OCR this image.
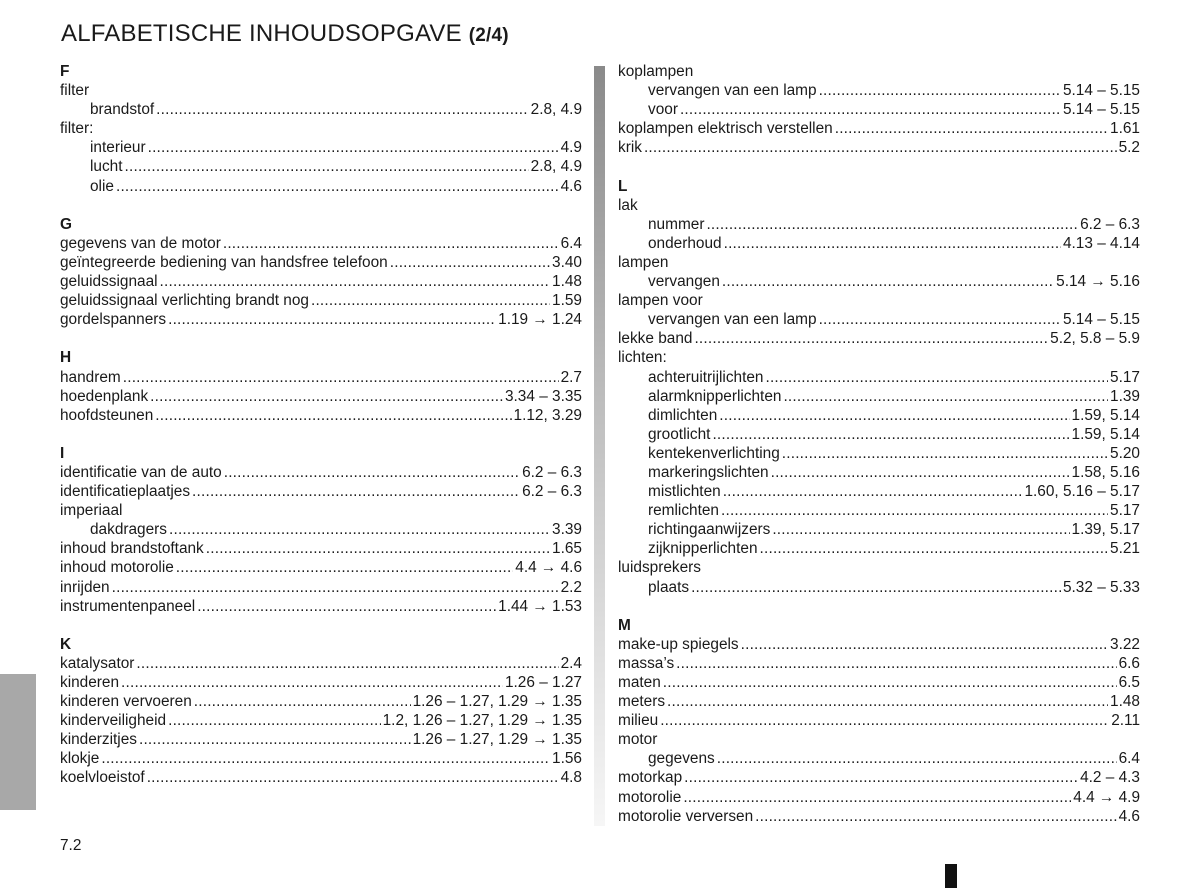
ALFABETISCHE INHOUDSOPGAVE (2/4)
F
filter
brandstof .....	2.8, 4.9
filter:
interieur .....	4.9
lucht .....	2.8, 4.9
olie .....	4.6
G
gegevens van de motor .....	6.4
geïntegreerde bediening van handsfree telefoon .....	3.40
geluidssignaal .....	1.48
geluidssignaal verlichting brandt nog .....	1.59
gordelspanners .....	1.19 → 1.24
H
handrem .....	2.7
hoedenplank .....	3.34 – 3.35
hoofdsteunen .....	1.12, 3.29
I
identificatie van de auto .....	6.2 – 6.3
identificatieplaatjes .....	6.2 – 6.3
imperiaal
dakdragers .....	3.39
inhoud brandstoftank .....	1.65
inhoud motorolie .....	4.4 → 4.6
inrijden .....	2.2
instrumentenpaneel .....	1.44 → 1.53
K
katalysator .....	2.4
kinderen .....	1.26 – 1.27
kinderen vervoeren .....	1.26 – 1.27, 1.29 → 1.35
kinderveiligheid .....	1.2, 1.26 – 1.27, 1.29 → 1.35
kinderzitjes .....	1.26 – 1.27, 1.29 → 1.35
klokje .....	1.56
koelvloeistof .....	4.8
koplampen
vervangen van een lamp .....	5.14 – 5.15
voor .....	5.14 – 5.15
koplampen elektrisch verstellen .....	1.61
krik .....	5.2
L
lak
nummer .....	6.2 – 6.3
onderhoud .....	4.13 – 4.14
lampen
vervangen .....	5.14 → 5.16
lampen voor
vervangen van een lamp .....	5.14 – 5.15
lekke band .....	5.2, 5.8 – 5.9
lichten:
achteruitrijlichten .....	5.17
alarmknipperlichten .....	1.39
dimlichten .....	1.59, 5.14
grootlicht .....	1.59, 5.14
kentekenverlichting .....	5.20
markeringslichten .....	1.58, 5.16
mistlichten .....	1.60, 5.16 – 5.17
remlichten .....	5.17
richtingaanwijzers .....	1.39, 5.17
zijknipperlichten .....	5.21
luidsprekers
plaats .....	5.32 – 5.33
M
make-up spiegels .....	3.22
massa’s .....	6.6
maten .....	6.5
meters .....	1.48
milieu .....	2.11
motor
gegevens .....	6.4
motorkap .....	4.2 – 4.3
motorolie .....	4.4 → 4.9
motorolie verversen .....	4.6
7.2
